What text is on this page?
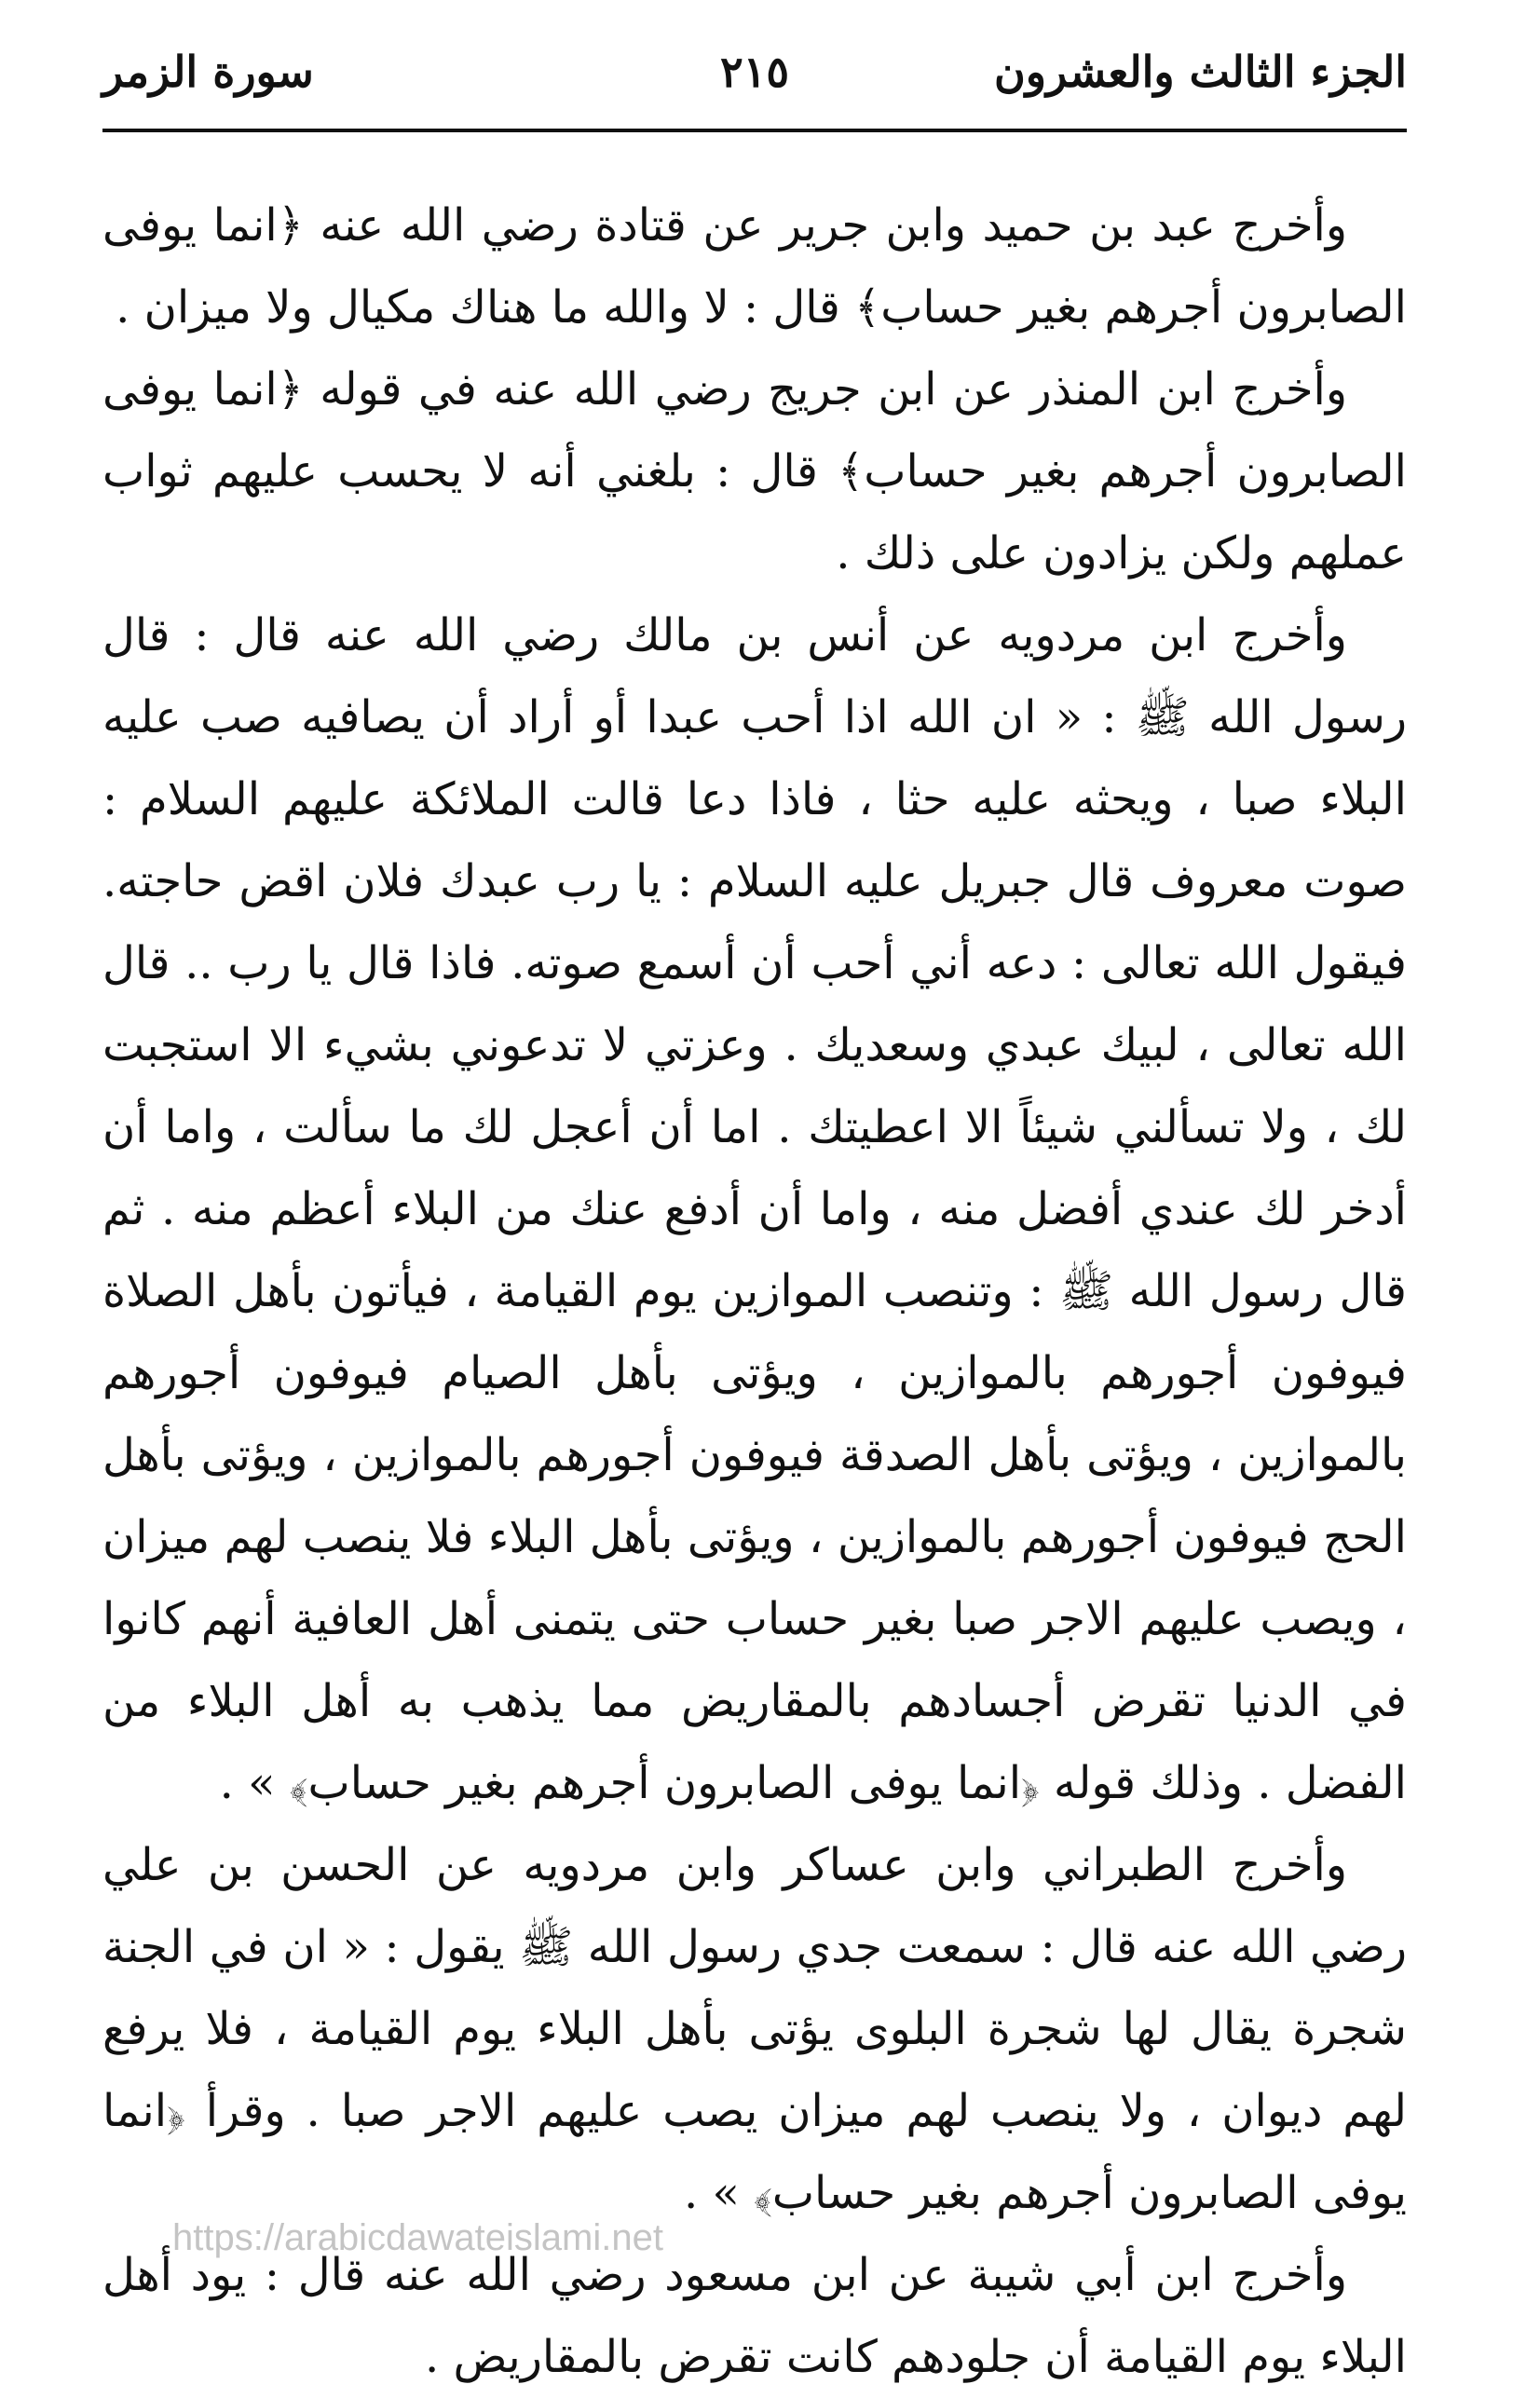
الجزء الثالث والعشرون
٢١٥
سورة الزمر

وأخرج عبد بن حميد وابن جرير عن قتادة رضي الله عنه ﴿انما يوفى الصابرون أجرهم بغير حساب﴾ قال : لا والله ما هناك مكيال ولا ميزان .

وأخرج ابن المنذر عن ابن جريج رضي الله عنه في قوله ﴿انما يوفى الصابرون أجرهم بغير حساب﴾ قال : بلغني أنه لا يحسب عليهم ثواب عملهم ولكن يزادون على ذلك .

وأخرج ابن مردويه عن أنس بن مالك رضي الله عنه قال : قال رسول الله ﷺ : « ان الله اذا أحب عبدا أو أراد أن يصافيه صب عليه البلاء صبا ، ويحثه عليه حثا ، فاذا دعا قالت الملائكة عليهم السلام : صوت معروف قال جبريل عليه السلام : يا رب عبدك فلان اقض حاجته. فيقول الله تعالى : دعه أني أحب أن أسمع صوته. فاذا قال يا رب .. قال الله تعالى ، لبيك عبدي وسعديك . وعزتي لا تدعوني بشيء الا استجبت لك ، ولا تسألني شيئاً الا اعطيتك . اما أن أعجل لك ما سألت ، واما أن أدخر لك عندي أفضل منه ، واما أن أدفع عنك من البلاء أعظم منه . ثم قال رسول الله ﷺ : وتنصب الموازين يوم القيامة ، فيأتون بأهل الصلاة فيوفون أجورهم بالموازين ، ويؤتى بأهل الصيام فيوفون أجورهم بالموازين ، ويؤتى بأهل الصدقة فيوفون أجورهم بالموازين ، ويؤتى بأهل الحج فيوفون أجورهم بالموازين ، ويؤتى بأهل البلاء فلا ينصب لهم ميزان ، ويصب عليهم الاجر صبا بغير حساب حتى يتمنى أهل العافية أنهم كانوا في الدنيا تقرض أجسادهم بالمقاريض مما يذهب به أهل البلاء من الفضل . وذلك قوله ﴿انما يوفى الصابرون أجرهم بغير حساب﴾ » .

وأخرج الطبراني وابن عساكر وابن مردويه عن الحسن بن علي رضي الله عنه قال : سمعت جدي رسول الله ﷺ يقول : « ان في الجنة شجرة يقال لها شجرة البلوى يؤتى بأهل البلاء يوم القيامة ، فلا يرفع لهم ديوان ، ولا ينصب لهم ميزان يصب عليهم الاجر صبا . وقرأ ﴿انما يوفى الصابرون أجرهم بغير حساب﴾ » .

وأخرج ابن أبي شيبة عن ابن مسعود رضي الله عنه قال : يود أهل البلاء يوم القيامة أن جلودهم كانت تقرض بالمقاريض .

https://arabicdawateislami.net
